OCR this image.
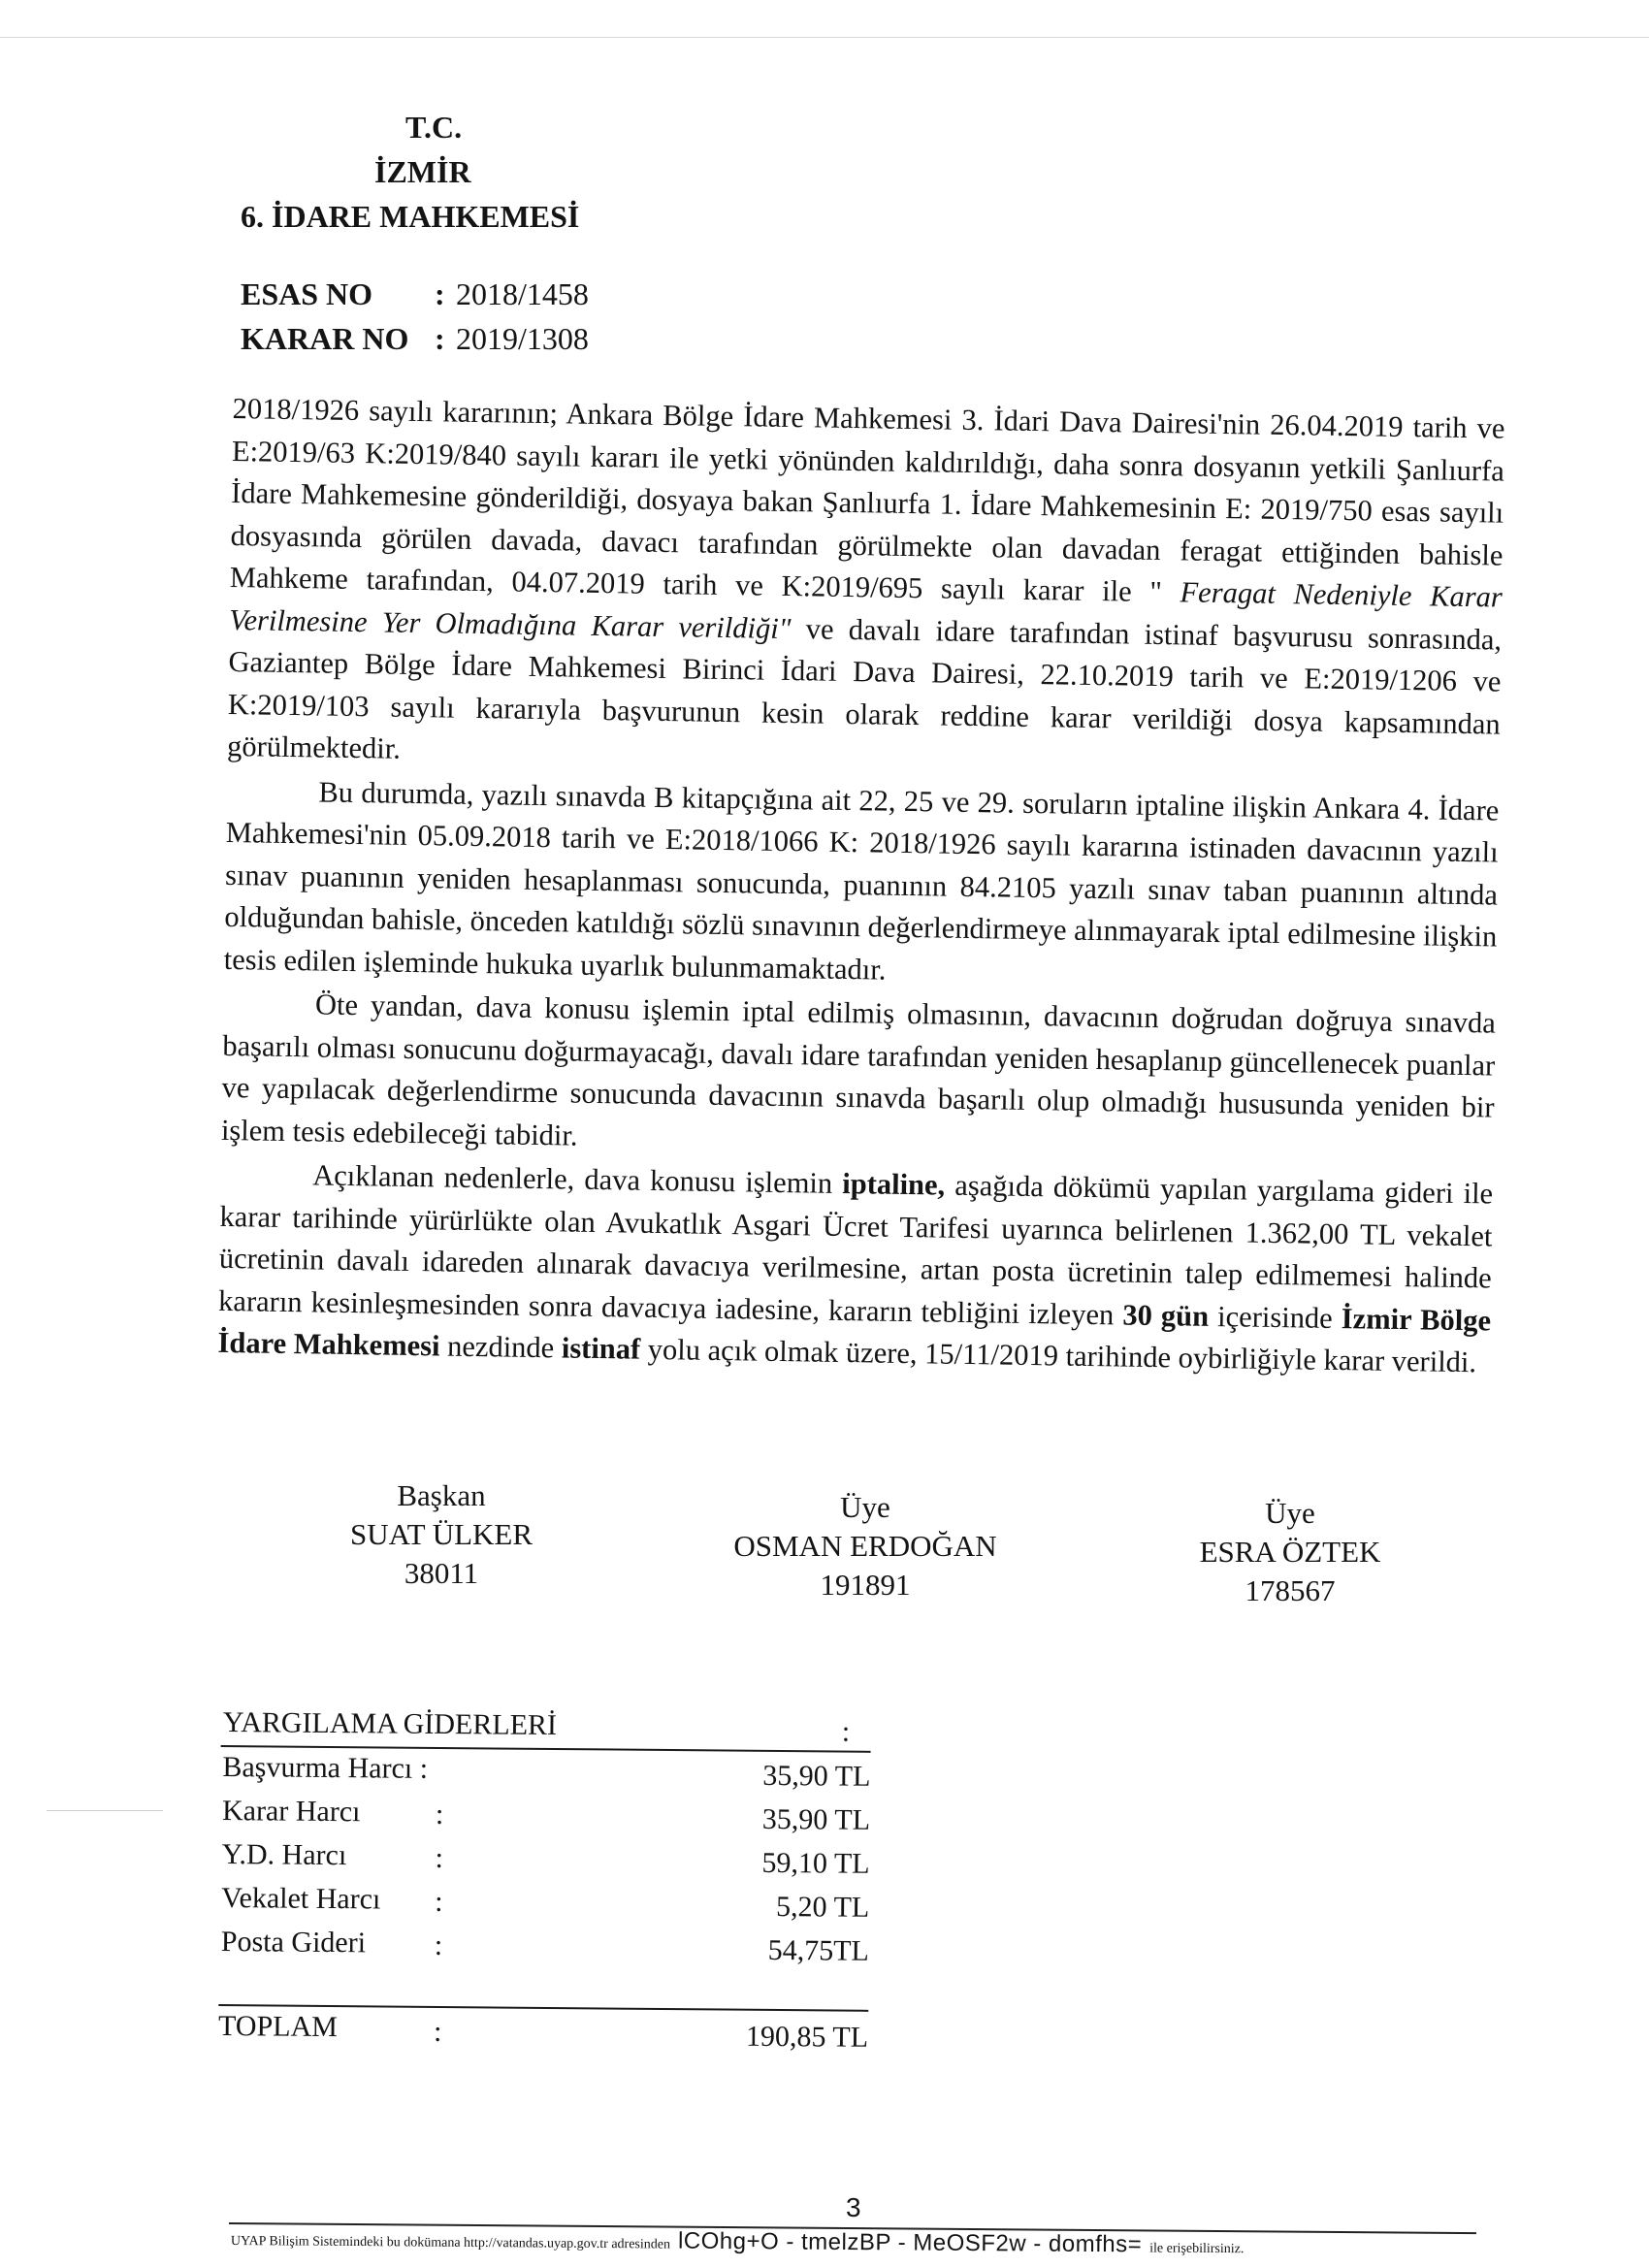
T.C.
İZMİR
6. İDARE MAHKEMESİ
ESAS NO	: 2018/1458
KARAR NO : 2019/1308

2018/1926 sayılı kararının; Ankara Bölge İdare Mahkemesi 3. İdari Dava Dairesi'nin 26.04.2019 tarih ve E:2019/63 K:2019/840 sayılı kararı ile yetki yönünden kaldırıldığı, daha sonra dosyanın yetkili Şanlıurfa İdare Mahkemesine gönderildiği, dosyaya bakan Şanlıurfa 1. İdare Mahkemesinin E: 2019/750 esas sayılı dosyasında görülen davada, davacı tarafından görülmekte olan davadan feragat ettiğinden bahisle Mahkeme tarafından, 04.07.2019 tarih ve K:2019/695 sayılı karar ile " Feragat Nedeniyle Karar Verilmesine Yer Olmadığına Karar verildiği" ve davalı idare tarafından istinaf başvurusu sonrasında, Gaziantep Bölge İdare Mahkemesi Birinci İdari Dava Dairesi, 22.10.2019 tarih ve E:2019/1206 ve K:2019/103 sayılı kararıyla başvurunun kesin olarak reddine karar verildiği dosya kapsamından görülmektedir.

Bu durumda, yazılı sınavda B kitapçığına ait 22, 25 ve 29. soruların iptaline ilişkin Ankara 4. İdare Mahkemesi'nin 05.09.2018 tarih ve E:2018/1066 K: 2018/1926 sayılı kararına istinaden davacının yazılı sınav puanının yeniden hesaplanması sonucunda, puanının 84.2105 yazılı sınav taban puanının altında olduğundan bahisle, önceden katıldığı sözlü sınavının değerlendirmeye alınmayarak iptal edilmesine ilişkin tesis edilen işleminde hukuka uyarlık bulunmamaktadır.

Öte yandan, dava konusu işlemin iptal edilmiş olmasının, davacının doğrudan doğruya sınavda başarılı olması sonucunu doğurmayacağı, davalı idare tarafından yeniden hesaplanıp güncellenecek puanlar ve yapılacak değerlendirme sonucunda davacının sınavda başarılı olup olmadığı hususunda yeniden bir işlem tesis edebileceği tabidir.

Açıklanan nedenlerle, dava konusu işlemin iptaline, aşağıda dökümü yapılan yargılama gideri ile karar tarihinde yürürlükte olan Avukatlık Asgari Ücret Tarifesi uyarınca belirlenen 1.362,00 TL vekalet ücretinin davalı idareden alınarak davacıya verilmesine, artan posta ücretinin talep edilmemesi halinde kararın kesinleşmesinden sonra davacıya iadesine, kararın tebliğini izleyen 30 gün içerisinde İzmir Bölge İdare Mahkemesi nezdinde istinaf yolu açık olmak üzere, 15/11/2019 tarihinde oybirliğiyle karar verildi.

Başkan
SUAT ÜLKER
38011
Üye
OSMAN ERDOĞAN
191891
Üye
ESRA ÖZTEK
178567
YARGILAMA GİDERLERİ	:
Başvurma Harcı :	35,90 TL
Karar Harcı	:	35,90 TL
Y.D. Harcı	:	59,10 TL
Vekalet Harcı :	5,20 TL
Posta Gideri :	54,75TL
TOPLAM	:	190,85 TL
3
UYAP Bilişim Sistemindeki bu dokümana http://vatandas.uyap.gov.tr adresinden lCOhg+O - tmelzBP - MeOSF2w - domfhs= ile erişebilirsiniz.
